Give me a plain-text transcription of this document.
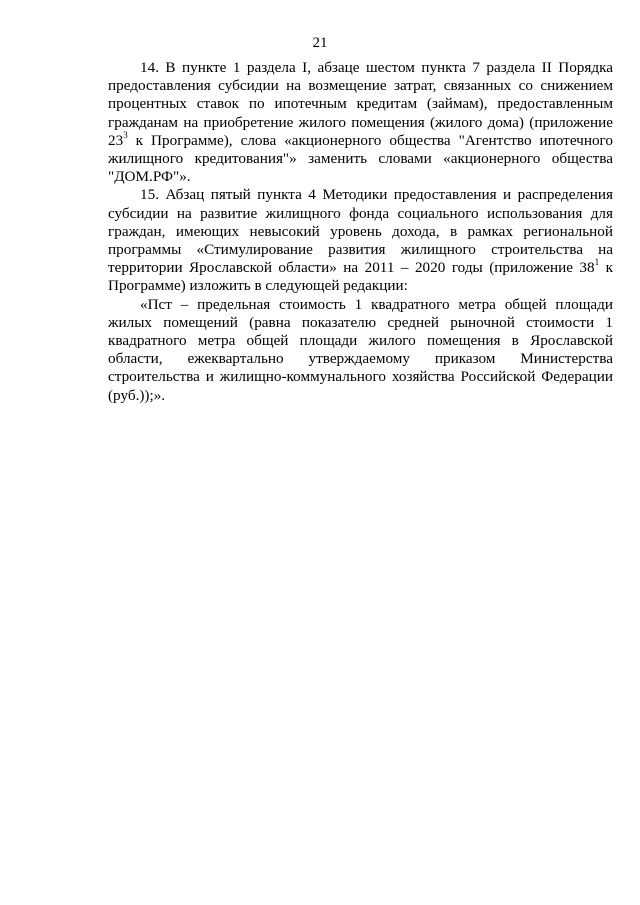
21

14. В пункте 1 раздела I, абзаце шестом пункта 7 раздела II Порядка предоставления субсидии на возмещение затрат, связанных со снижением процентных ставок по ипотечным кредитам (займам), предоставленным гражданам на приобретение жилого помещения (жилого дома) (приложение $23^3$ к Программе), слова «акционерного общества "Агентство ипотечного жилищного кредитования"» заменить словами «акционерного общества "ДОМ.РФ"».

15. Абзац пятый пункта 4 Методики предоставления и распределения субсидии на развитие жилищного фонда социального использования для граждан, имеющих невысокий уровень дохода, в рамках региональной программы «Стимулирование развития жилищного строительства на территории Ярославской области» на 2011 – 2020 годы (приложение $38^1$ к Программе) изложить в следующей редакции:

«Пст – предельная стоимость 1 квадратного метра общей площади жилых помещений (равна показателю средней рыночной стоимости 1 квадратного метра общей площади жилого помещения в Ярославской области, ежеквартально утверждаемому приказом Министерства строительства и жилищно-коммунального хозяйства Российской Федерации (руб.));».
